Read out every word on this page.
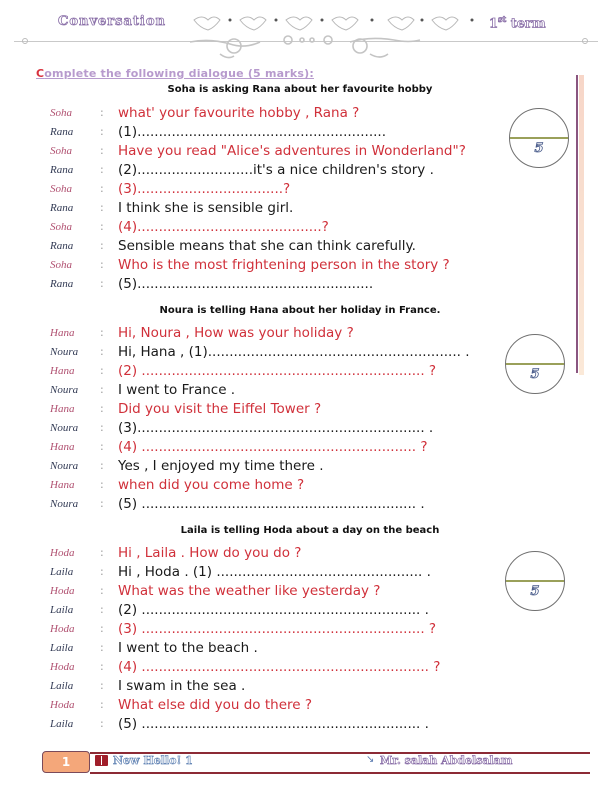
Conversation	1st term
Complete the following dialogue (5 marks):
Soha is asking Rana about her favourite hobby
Soha	: what' your favourite hobby , Rana ?
Rana	: (1)..........................................................
Soha	: Have you read "Alice's adventures in Wonderland"?
Rana	: (2)...........................it's a nice children's story .
Soha	: (3)..................................?
Rana	: I think she is sensible girl.
Soha	: (4)...........................................?
Rana	: Sensible means that she can think carefully.
Soha	: Who is the most frightening person in the story ?
Rana	: (5).......................................................
5
Noura is telling Hana about her holiday in France.
Hana	: Hi, Noura , How was your holiday ?
Noura	: Hi, Hana , (1)........................................................... .
Hana	: (2) .................................................................. ?
Noura	: I went to France .
Hana	: Did you visit the Eiffel Tower ?
Noura	: (3)................................................................... .
Hana	: (4) ................................................................ ?
Noura	: Yes , I enjoyed my time there .
Hana	: when did you come home ?
Noura	: (5) ................................................................ .
5
Laila is telling Hoda about a day on the beach
Hoda	: Hi , Laila . How do you do ?
Laila	: Hi , Hoda . (1) ................................................ .
Hoda	: What was the weather like yesterday ?
Laila	: (2) ................................................................. .
Hoda	: (3) .................................................................. ?
Laila	: I went to the beach .
Hoda	: (4) ................................................................... ?
Laila	: I swam in the sea .
Hoda	: What else did you do there ?
Laila	: (5) ................................................................. .
5
1	New Hello! 1	↘ Mr. salah Abdelsalam
